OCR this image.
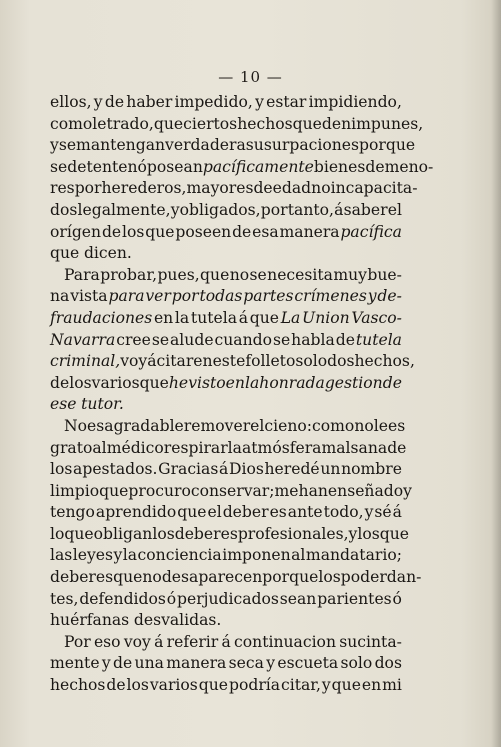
— 10 —
ellos, y de haber impedido, y estar impidiendo,
como letrado, que ciertos hechos queden impunes,
y se mantengan verdaderas usurpaciones porque
se detenten ó posean pacíficamente bienes de meno-
res por herederos, mayores de edad no incapacita-
dos legalmente, y obligados, por tanto, á saber el
orígen de los que poseen de esa manera pacífica
que dicen.
Para probar, pues, que no se necesita muy bue-
na vista para ver por todas partes crímenes y de-
fraudaciones en la tutela á que La Union Vasco-
Navarra cree se alude cuando se habla de tutela
criminal, voy á citar en este folleto solo dos hechos,
de los varios que he visto en la honrada gestion de
ese tutor.
No es agradable remover el cieno: como no le es
grato al médico respirar la atmósfera malsana de
los apestados. Gracias á Dios heredé un nombre
limpio que procuro conservar; me han enseñado y
tengo aprendido que el deber es ante todo, y sé á
lo que obligan los deberes profesionales, y los que
las leyes y la conciencia imponen al mandatario;
deberes que no desaparecen porque los poderdan-
tes, defendidos ó perjudicados sean parientes ó
huérfanas desvalidas.
Por eso voy á referir á continuacion sucinta-
mente y de una manera seca y escueta solo dos
hechos de los varios que podría citar, y que en mi
